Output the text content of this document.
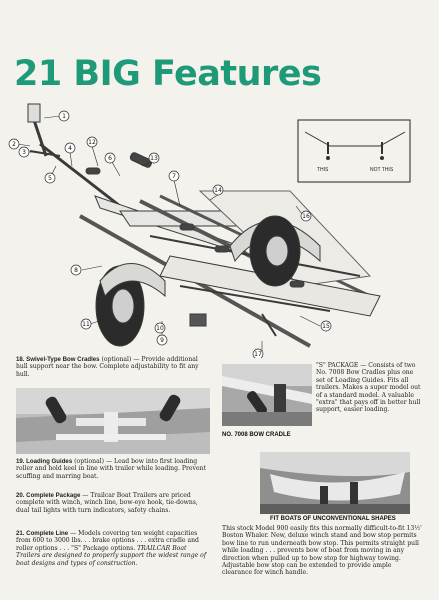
21 BIG Features
1
2
3
4
5
6
7
8
9
10
11
12
13
14
15
16
17
THIS	NOT THIS
18. Swivel-Type Bow Cradles (optional) — Provide additional hull support near the bow. Complete adjustability to fit any hull.
19. Loading Guides (optional) — Lead bow into first loading roller and hold keel in line with trailer while loading. Prevent scuffing and marring boat.
20. Complete Package — Trailcar Boat Trailers are priced complete with winch, winch line, bow-eye hook, tie-downs, dual tail lights with turn indicators, safety chains.
21. Complete Line — Models covering ten weight capacities from 600 to 3000 lbs. . . brake options . . . extra cradle and roller options . . . "S" Package options. TRAILCAR Boat Trailers are designed to properly support the widest range of boat designs and types of construction.
"S" PACKAGE — Consists of two No. 7008 Bow Cradles plus one set of Loading Guides. Fits all trailers. Makes a super model out of a standard model. A valuable "extra" that pays off in better hull support, easier loading.
NO. 7008 BOW CRADLE
FIT BOATS OF UNCONVENTIONAL SHAPES
This stock Model 900 easily fits this normally difficult-to-fit 13½' Boston Whaler. New, deluxe winch stand and bow stop permits bow line to run underneath bow stop. This permits straight pull while loading . . . prevents bow of boat from moving in any direction when pulled up to bow stop for highway towing. Adjustable bow stop can be extended to provide ample clearance for winch handle.
